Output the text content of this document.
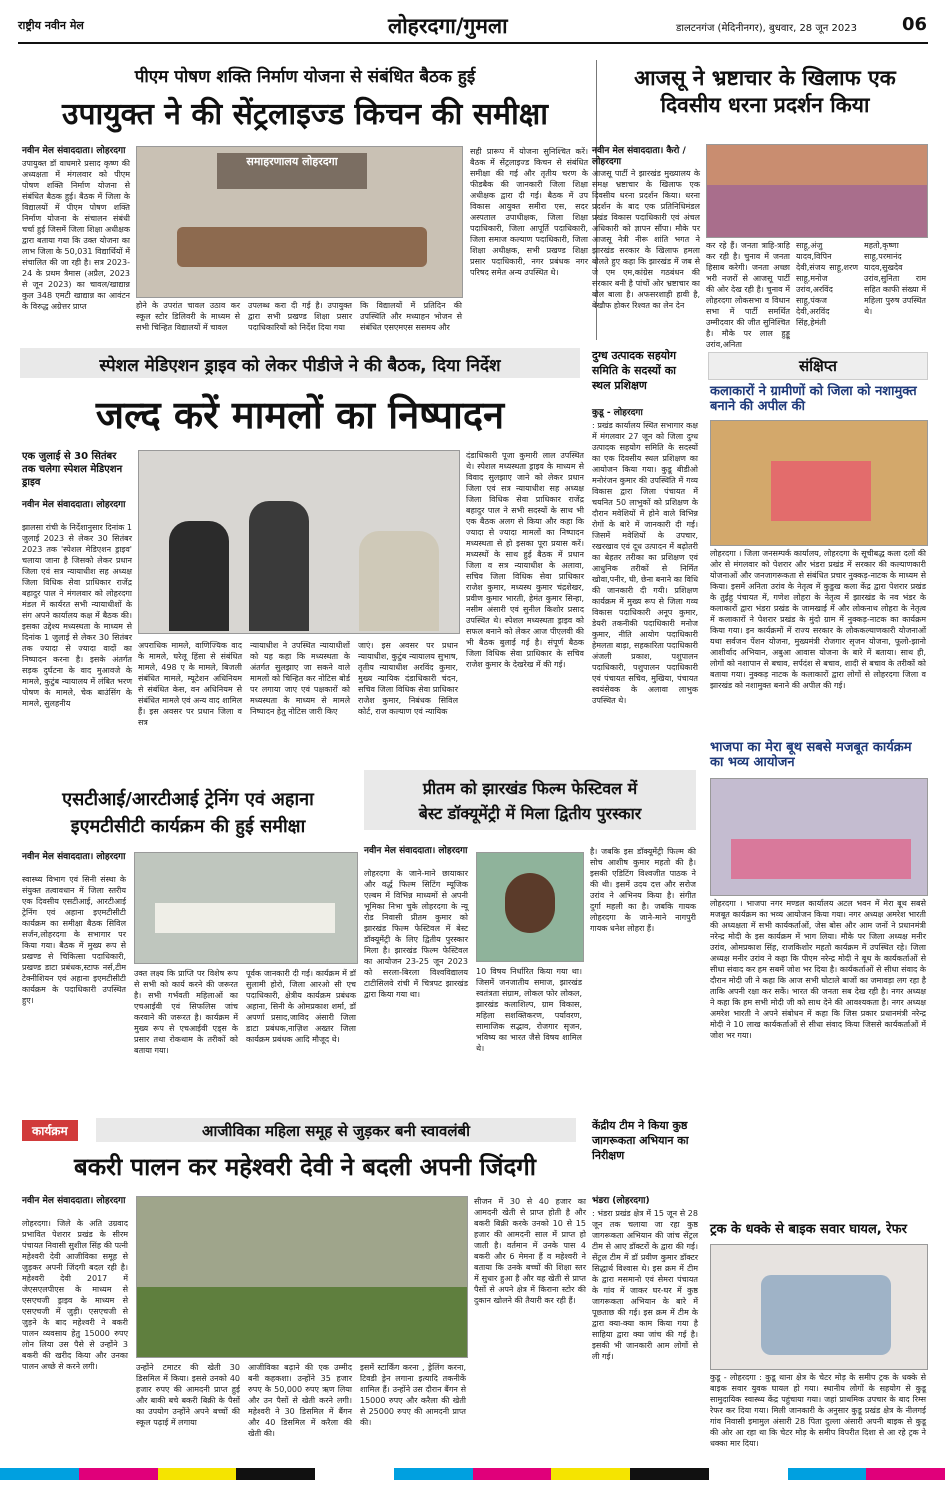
राष्ट्रीय नवीन मेल	लोहरदगा/गुमला	डालटनगंज (मेदिनीनगर), बुधवार, 28 जून 2023	06
पीएम पोषण शक्ति निर्माण योजना से संबंधित बैठक हुई
उपायुक्त ने की सेंट्रलाइज्ड किचन की समीक्षा
नवीन मेल संवाददाता। लोहरदगा
उपायुक्त डॉ वाघमारे प्रसाद कृष्ण की अध्यक्षता में मंगलवार को पीएम पोषण शक्ति निर्माण योजना से संबंधित बैठक हुई। बैठक में जिला के विद्यालयों में पीएम पोषण शक्ति निर्माण योजना के संचालन संबंधी चर्चा हुई जिसमें जिला शिक्षा अधीक्षक द्वारा बताया गया कि उक्त योजना का लाभ जिला के 50,031 विद्यार्थियों में संचालित की जा रही है। सत्र 2023-24 के प्रथम त्रैमास (अप्रैल, 2023 से जून 2023) का चावल/खाद्यान्न कुल 348 एमटी खाद्यान्न का आवंटन के विरुद्ध अग्रेत्तर प्राप्त
समाहरणालय लोहरदगा
होने के उपरांत चावल उठाव कर स्कूल स्टोर डिलिवरी के माध्यम से सभी चिन्हित विद्यालयों में चावल
उपलब्ध करा दी गई है। उपायुक्त द्वारा सभी प्रखण्ड शिक्षा प्रसार पदाधिकारियों को निर्देश दिया गया
कि विद्यालयों में प्रतिदिन की उपस्थिति और मध्याहन भोजन से संबंधित एसएमएस ससमय और
सही प्रारूप में योजना सुनिश्चित करें। बैठक में सेंट्रलाइज्ड किचन से संबंधित समीक्षा की गई और तृतीय चरण के फीडबैक की जानकारी जिला शिक्षा अधीक्षक द्वारा दी गई। बैठक में उप विकास आयुक्त समीरा एस, सदर अस्पताल उपाधीक्षक, जिला शिक्षा पदाधिकारी, जिला आपूर्ति पदाधिकारी, जिला समाज कल्याण पदाधिकारी, जिला शिक्षा अधीक्षक, सभी प्रखण्ड शिक्षा प्रसार पदाधिकारी, नगर प्रबंधक नगर परिषद समेत अन्य उपस्थित थे।
आजसू ने भ्रष्टाचार के खिलाफ एक दिवसीय धरना प्रदर्शन किया
नवीन मेल संवाददाता। कैरो / लोहरदगा
आजसू पार्टी ने झारखंड मुख्यालय के समक्ष भ्रष्टाचार के खिलाफ एक दिवसीय धरना प्रदर्शन किया। धरना प्रदर्शन के बाद एक प्रतिनिधिमंडल प्रखंड विकास पदाधिकारी एवं अंचल अधिकारी को ज्ञापन सौंपा। मौके पर आजसू नेत्री नीरू शांति भगत ने झारखंड सरकार के खिलाफ हमला बोलते हुए कहा कि झारखंड में जब से जे एम एम,कांग्रेस गठबंधन की सरकार बनी है पांचों ओर भ्रष्टाचार का बोल बाला है। अफसरशाही हावी है, बेखौफ होकर रिश्वत का लेन देन
कर रहे हैं। जनता त्राहि-त्राहि कर रही है। चुनाव में जनता हिसाब करेगी। जनता अच्छा भरी नजरों से आजसू पार्टी की ओर देख रही है। चुनाव में लोहरदगा लोकसभा व विधान सभा में पार्टी समर्थित उम्मीदवार की जीत सुनिश्चित है। मौके पर लाल हुड्डू उरांव,अनिता
साहू,अंजु यादव,विपिन देवी,संजय साहू,शरण साहू,मनोज उरांव,अरविंद साहू,पंकज देवी,अरविंद सिंह,हेमंती महतो,कृष्णा साहू,परमानंद यादव,सुखदेव उरांव,सुनिता राम सहित काफी संख्या में महिला पुरुष उपस्थित थे।
स्पेशल मेडिएशन ड्राइव को लेकर पीडीजे ने की बैठक, दिया निर्देश
जल्द करें मामलों का निष्पादन
एक जुलाई से 30 सितंबर तक चलेगा स्पेशल मेडिएशन ड्राइव
नवीन मेल संवाददाता। लोहरदगा
झालसा रांची के निर्देशानुसार दिनांक 1 जुलाई 2023 से लेकर 30 सितंबर 2023 तक 'स्पेशल मेडिएशन ड्राइव' चलाया जाना है जिसको लेकर प्रधान जिला एवं सत्र न्यायाधीश सह अध्यक्ष जिला विधिक सेवा प्राधिकार राजेंद्र बहादुर पाल ने मंगलवार को लोहरदगा मंडल में कार्यरत सभी न्यायाधीशों के संग अपने कार्यालय कक्ष में बैठक की। इसका उद्देश्य मध्यस्थता के माध्यम से दिनांक 1 जुलाई से लेकर 30 सितंबर तक ज्यादा से ज्यादा वादों का निष्पादन करना है। इसके अंतर्गत सड़क दुर्घटना के वाद मुआवजे के मामले, कुटुंब न्यायालय में लंबित भरण पोषण के मामले, चेक बाउंसिंग के मामले, सुलहनीय
अपराधिक मामले, वाणिज्यिक वाद के मामले, घरेलू हिंसा से संबंधित मामले, 498 ए के मामले, बिजली संबंधित मामले, म्यूटेशन अधिनियम से संबंधित केस, वन अधिनियम से संबंधित मामले एवं अन्य वाद शामिल हैं। इस अवसर पर प्रधान जिला व सत्र
न्यायाधीश ने उपस्थित न्यायाधीशों को यह कहा कि मध्यस्थता के अंतर्गत सुलझाए जा सकने वाले मामलों को चिन्हित कर नोटिस बोर्ड पर लगाया जाए एवं पक्षकारों को मध्यस्थता के माध्यम से मामले निष्पादन हेतु नोटिस जारी किए
जाएं। इस अवसर पर प्रधान न्यायाधीश, कुटुंब न्यायालय सुभाष, तृतीय न्यायाधीश अरविंद कुमार, मुख्य न्यायिक दंडाधिकारी चंदन, सचिव जिला विधिक सेवा प्राधिकार राजेश कुमार, निबंधक सिविल कोर्ट, राज कल्याण एवं न्यायिक
दंडाधिकारी पूजा कुमारी लाल उपस्थित थे। स्पेशल मध्यस्थता ड्राइव के माध्यम से विवाद सुलझाए जाने को लेकर प्रधान जिला एवं सत्र न्यायाधीश सह अध्यक्ष जिला विधिक सेवा प्राधिकार राजेंद्र बहादुर पाल ने सभी सदस्यों के साथ भी एक बैठक अलग से किया और कहा कि ज्यादा से ज्यादा मामलों का निष्पादन मध्यस्थता से हो इसका पूरा प्रयास करें। मध्यस्थों के साथ हुई बैठक में प्रधान जिला व सत्र न्यायाधीश के अलावा, सचिव जिला विधिक सेवा प्राधिकार राजेश कुमार, मध्यस्थ कुमार चंद्रशेखर, प्रवीण कुमार भारती, हेमंत कुमार सिन्हा, नसीम अंसारी एवं सुनील किशोर प्रसाद उपस्थित थे। स्पेशल मध्यस्थता ड्राइव को सफल बनाने को लेकर आज पीएलवी की भी बैठक बुलाई गई है। संपूर्ण बैठक जिला विधिक सेवा प्राधिकार के सचिव राजेश कुमार के देखरेख में की गई।
दुग्ध उत्पादक सहयोग समिति के सदस्यों का स्थल प्रशिक्षण
कुडू - लोहरदगा
: प्रखंड कार्यालय स्थित सभागार कक्ष में मंगलवार 27 जून को जिला दुग्ध उत्पादक सहयोग समिति के सदस्यों का एक दिवसीय स्थल प्रशिक्षण का आयोजन किया गया। कुडू बीडीओ मनोरंजन कुमार की उपस्थिति में गव्य विकास द्वारा जिला पंचायत में चयनित 50 लाभुकों को प्रशिक्षण के दौरान मवेशियों में होने वाले विभिन्न रोगों के बारे में जानकारी दी गई। जिसमें मवेशियों के उपचार, रखरखाव एवं दूध उत्पादन में बढ़ोतरी का बेहतर तरीका का प्रशिक्षण एवं आधुनिक तरीकों से निर्मित खोवा,पनीर, घी, छेना बनाने का विधि की जानकारी दी गयी। प्रशिक्षण कार्यक्रम में मुख्य रूप से जिला गव्य विकास पदाधिकारी अनूप कुमार, डेयरी तकनीकी पदाधिकारी मनोज कुमार, नीति आयोग पदाधिकारी हेमलता बाड़ा, सहकारिता पदाधिकारी अंजली प्रकाश, पशुपालन पदाधिकारी, पशुपालन पदाधिकारी एवं पंचायत सचिव, मुखिया, पंचायत स्वयंसेवक के अलावा लाभुक उपस्थित थे।
संक्षिप्त
कलाकारों ने ग्रामीणों को जिला को नशामुक्त बनाने की अपील की
लोहरदगा । जिला जनसम्पर्क कार्यालय, लोहरदगा के सूचीबद्ध कला दलों की ओर से मंगलवार को पेशरार और भंडरा प्रखंड में सरकार की कल्याणकारी योजनाओं और जनजागरूकता से संबंधित प्रचार नुक्कड़-नाटक के माध्यम से किया। इसमें अनिता उरांव के नेतृत्व में कुडुख कला केंद्र द्वारा पेशरार प्रखंड के तुईहु पंचायत में, गणेश लोहरा के नेतृत्व में झारखंड के नव भंडर के कलाकारों द्वारा भंडरा प्रखंड के जामखाई में और लोकनाथ लोहरा के नेतृत्व में कलाकारों ने पेशरार प्रखंड के मुंदो ग्राम में नुक्कड़-नाटक का कार्यक्रम किया गया। इन कार्यक्रमों में राज्य सरकार के लोककल्याणकारी योजनाओं यथा सर्वजन पेंशन योजना, मुख्यमंत्री रोजगार सृजन योजना, फूलो-झानो आशीर्वाद अभियान, अबुआ आवास योजना के बारे में बताया। साथ ही, लोगों को नशापान से बचाव, सर्पदंश से बचाव, शादी से बचाव के तरीकों को बताया गया। नुक्कड़ नाटक के कलाकारों द्वारा लोगों से लोहरदगा जिला व झारखंड को नशामुक्त बनाने की अपील की गई।
भाजपा का मेरा बूथ सबसे मजबूत कार्यक्रम का भव्य आयोजन
लोहरदगा । भाजपा नगर मण्डल कार्यालय अटल भवन में मेरा बूथ सबसे मजबूत कार्यक्रम का भव्य आयोजन किया गया। नगर अध्यक्ष अमरेश भारती की अध्यक्षता में सभी कार्यकर्ताओं, जेस बोस और आम जनों ने प्रधानमंत्री नरेन्द्र मोदी के इस कार्यक्रम में भाग लिया। मौके पर जिला अध्यक्ष मनीर उरांव, ओमप्रकाश सिंह, राजकिशोर महतो कार्यक्रम में उपस्थित रहे। जिला अध्यक्ष मनीर उरांव ने कहा कि पीएम नरेन्द्र मोदी ने बूथ के कार्यकर्ताओं से सीधा संवाद कर हम सबमें जोश भर दिया है। कार्यकर्ताओं से सीधा संवाद के दौरान मोदी जी ने कहा कि आज सभी घोटाले बाजों का जमावड़ा लग रहा है ताकि अपनी रक्षा कर सकें। भारत की जनता सब देख रही है। नगर अध्यक्ष ने कहा कि हम सभी मोदी जी को साथ देने की आवश्यकता है। नगर अध्यक्ष अमरेश भारती ने अपने संबोधन में कहा कि जिस प्रकार प्रधानमंत्री नरेन्द्र मोदी ने 10 लाख कार्यकर्ताओं से सीधा संवाद किया जिससे कार्यकर्ताओं में जोश भर गया।
ट्रक के धक्के से बाइक सवार घायल, रेफर
कुडू - लोहरदगा : कुडू थाना क्षेत्र के चेटर मोड़ के समीप ट्रक के धक्के से बाइक सवार युवक घायल हो गया। स्थानीय लोगों के सहयोग से कुडू सामुदायिक स्वास्थ्य केंद्र पहुंचाया गया। जहां प्राथमिक उपचार के बाद रिम्स रेफर कर दिया गया। मिली जानकारी के अनुसार कुडू प्रखंड क्षेत्र के नीलगई गांव निवासी इमामुल अंसारी 28 पिता दुल्ला अंसारी अपनी बाइक से कुडू की ओर आ रहा था कि चेटर मोड़ के समीप विपरीत दिशा से आ रहे ट्रक ने धक्का मार दिया।
एसटीआई/आरटीआई ट्रेनिंग एवं अहाना
इएमटीसीटी कार्यक्रम की हुई समीक्षा
नवीन मेल संवाददाता। लोहरदगा
स्वास्थ्य विभाग एवं सिनी संस्था के संयुक्त तत्वावधान में जिला स्तरीय एक दिवसीय एसटीआई, आरटीआई ट्रेनिंग एवं अहाना इएमटीसीटी कार्यक्रम का समीक्षा बैठक सिविल सर्जन,लोहरदगा के सभागार पर किया गया। बैठक में मुख्य रूप से प्रखण्ड से चिकित्सा पदाधिकारी, प्रखण्ड डाटा प्रबंधक,स्टाफ नर्स,टीम टेक्नीशियन एवं अहाना इएमटीसीटी कार्यक्रम के पदाधिकारी उपस्थित हुए।
उक्त लक्ष्य कि प्राप्ति पर विशेष रूप से सभी को कार्य करने की जरूरत है। सभी गर्भवती महिलाओं का एचआईवी एवं सिफलिस जांच करवाने की जरूरत है। कार्यक्रम में मुख्य रूप से एचआईवी एड्स के प्रसार तथा रोकथाम के तरीकों को बताया गया।
पूर्वक जानकारी दी गई। कार्यक्रम में डॉ सुलामी होरो, जिला आरओ सी एच पदाधिकारी, क्षेत्रीय कार्यक्रम प्रबंधक अहाना, सिनी के ओमप्रकाश शर्मा, डॉ अपर्णा प्रसाद,जाविद अंसारी जिला डाटा प्रबंधक,नाज़िश अख्तर जिला कार्यक्रम प्रबंधक आदि मौजूद थे।
प्रीतम को झारखंड फिल्म फेस्टिवल में
बेस्ट डॉक्यूमेंट्री में मिला द्वितीय पुरस्कार
नवीन मेल संवाददाता। लोहरदगा
लोहरदगा के जाने-माने छायाकार और वर्द्ध फिल्म सिटिंग म्यूजिक एल्बम में विभिन्न माध्यमों से अपनी भूमिका निभा चुके लोहरदगा के न्यू रोड निवासी प्रीतम कुमार को झारखंड फिल्म फेस्टिवल में बेस्ट डॉक्यूमेंट्री के लिए द्वितीय पुरस्कार मिला है। झारखंड फिल्म फेस्टिवल का आयोजन 23-25 जून 2023 को सरला-बिरला विश्वविद्यालय टाटीसिलवे रांची में चित्रपट झारखंड द्वारा किया गया था।
10 विषय निर्धारित किया गया था। जिसमें जनजातीय समाज, झारखंड स्वतंत्रता संग्राम, लोकल फोर लोकल, झारखंड कलाशिल्प, ग्राम विकास, महिला सशक्तिकरण, पर्यावरण, सामाजिक सद्भाव, रोजगार सृजन, भविष्य का भारत जैसे विषय शामिल थे।
है। जबकि इस डॉक्यूमेंट्री फिल्म की सोच आशीष कुमार महतो की है। इसकी एडिटिंग विश्वजीत पाठक ने की थी। इसमें उदय दत्त और सरोज उरांव ने अभिनय किया है। संगीत दुर्गा महली का है। जबकि गायक लोहरदगा के जाने-माने नागपुरी गायक धनेश लोहरा हैं।
कार्यक्रम	आजीविका महिला समूह से जुड़कर बनी स्वावलंबी
बकरी पालन कर महेश्वरी देवी ने बदली अपनी जिंदगी
नवीन मेल संवाददाता। लोहरदगा
लोहरदगा। जिले के अति उग्रवाद प्रभावित पेशरार प्रखंड के सीरम पंचायत निवासी सुशील सिंह की पत्नी महेश्वरी देवी आजीविका समूह से जुड़कर अपनी जिंदगी बदल रही है। महेश्वरी देवी 2017 में जेएसएलपीएस के माध्यम से एसएचजी ड्राइव के माध्यम से एसएचजी में जुड़ी। एसएचजी से जुड़ने के बाद महेश्वरी ने बकरी पालन व्यवसाय हेतु 15000 रुपए लोन लिया उस पैसे से उन्होंने 3 बकरी की खरीद किया और उनका पालन अच्छे से करने लगी।	उन्होंने टमाटर की खेती 30 डिसमिल में किया। इससे उनको 40 हजार रुपए की आमदनी प्राप्त हुई और बाकी बचे बकरी बिक्री के पैसों का उपयोग उन्होंने अपने बच्चों की स्कूल पढ़ाई में लगाया
आजीविका बढ़ाने की एक उम्मीद बनी कहकशा। उन्होंने 35 हजार रुपए के 50,000 रुपए ऋण लिया और उन पैसों से खेती करने लगी। महेश्वरी ने 30 डिसमिल में बैंगन और 40 डिसमिल में करैला की खेती की।
इसमें स्टार्किंग करना , ड्रेलिंग करना, टिवडी ड्रेन लगाना इत्यादि तकनीकें शामिल हैं। उन्होंने उस दौरान बैंगन से 15000 रुपए और करैला की खेती से 25000 रुपए की आमदनी प्राप्त की।
सीजन में 30 से 40 हजार का आमदनी खेती से प्राप्त होती है और बकरी बिक्री करके उनको 10 से 15 हजार की आमदनी साल में प्राप्त हो जाती है। वर्तमान में उनके पास 4 बकरी और 6 मेमना हैं व महेश्वरी ने बताया कि उनके बच्चों की शिक्षा स्तर में सुधार हुआ है और वह खेती से प्राप्त पैसों से अपने क्षेत्र में किराना स्टोर की दुकान खोलने की तैयारी कर रही हैं।
केंद्रीय टीम ने किया कुष्ठ जागरूकता अभियान का निरीक्षण
भंडरा (लोहरदगा)
: भंडरा प्रखंड क्षेत्र में 15 जून से 28 जून तक चलाया जा रहा कुष्ठ जागरूकता अभियान की जांच सेंट्रल टीम से आए डॉक्टरों के द्वारा की गई। सेंट्रल टीम में डॉ प्रवीण कुमार डॉक्टर सिद्धार्थ विश्वास थे। इस क्रम में टीम के द्वारा मसमानो एवं सेमरा पंचायत के गांव में जाकर घर-घर में कुष्ठ जागरूकता अभियान के बारे में पूछताछ की गई। इस क्रम में टीम के द्वारा क्या-क्या काम किया गया है साहिया द्वारा क्या जांच की गई है। इसकी भी जानकारी आम लोगों से ली गई।
